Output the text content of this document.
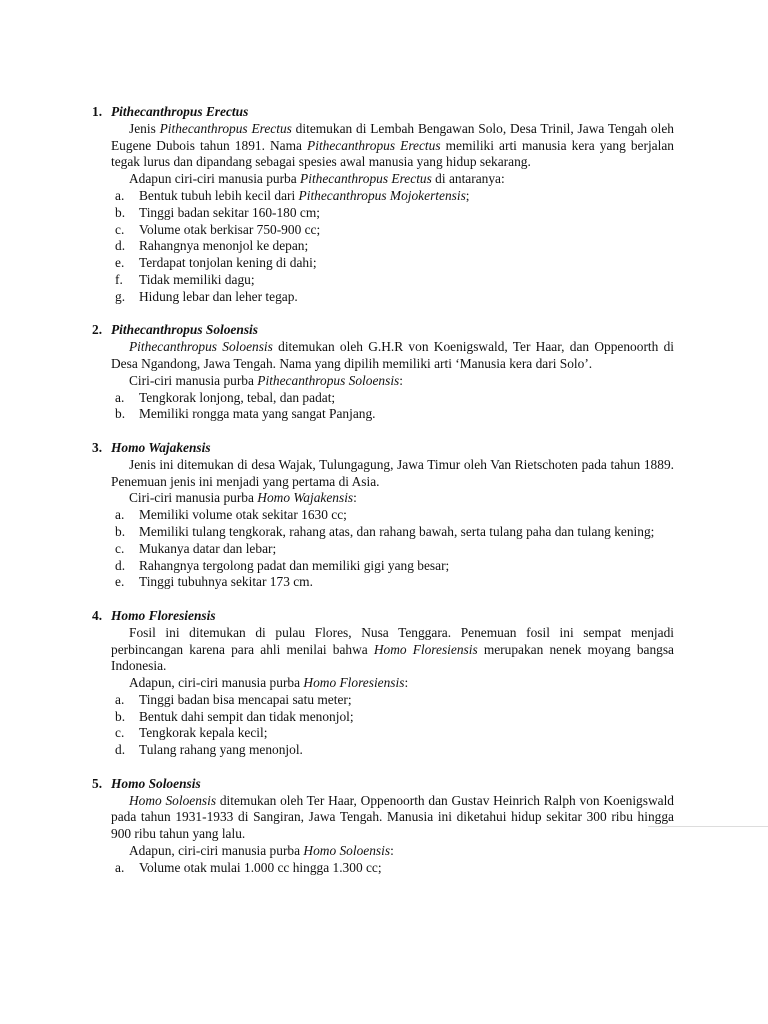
1. Pithecanthropus Erectus

Jenis Pithecanthropus Erectus ditemukan di Lembah Bengawan Solo, Desa Trinil, Jawa Tengah oleh Eugene Dubois tahun 1891. Nama Pithecanthropus Erectus memiliki arti manusia kera yang berjalan tegak lurus dan dipandang sebagai spesies awal manusia yang hidup sekarang.

Adapun ciri-ciri manusia purba Pithecanthropus Erectus di antaranya:

a.	Bentuk tubuh lebih kecil dari Pithecanthropus Mojokertensis;
b.	Tinggi badan sekitar 160-180 cm;
c.	Volume otak berkisar 750-900 cc;
d.	Rahangnya menonjol ke depan;
e.	Terdapat tonjolan kening di dahi;
f.	Tidak memiliki dagu;
g.	Hidung lebar dan leher tegap.
2. Pithecanthropus Soloensis

Pithecanthropus Soloensis ditemukan oleh G.H.R von Koenigswald, Ter Haar, dan Oppenoorth di Desa Ngandong, Jawa Tengah. Nama yang dipilih memiliki arti ‘Manusia kera dari Solo’.

Ciri-ciri manusia purba Pithecanthropus Soloensis:

a.	Tengkorak lonjong, tebal, dan padat;
b.	Memiliki rongga mata yang sangat Panjang.
3. Homo Wajakensis

Jenis ini ditemukan di desa Wajak, Tulungagung, Jawa Timur oleh Van Rietschoten pada tahun 1889. Penemuan jenis ini menjadi yang pertama di Asia.

Ciri-ciri manusia purba Homo Wajakensis:

a.	Memiliki volume otak sekitar 1630 cc;
b.	Memiliki tulang tengkorak, rahang atas, dan rahang bawah, serta tulang paha dan tulang kening;
c.	Mukanya datar dan lebar;
d.	Rahangnya tergolong padat dan memiliki gigi yang besar;
e.	Tinggi tubuhnya sekitar 173 cm.
4. Homo Floresiensis

Fosil ini ditemukan di pulau Flores, Nusa Tenggara. Penemuan fosil ini sempat menjadi perbincangan karena para ahli menilai bahwa Homo Floresiensis merupakan nenek moyang bangsa Indonesia.

Adapun, ciri-ciri manusia purba Homo Floresiensis:

a.	Tinggi badan bisa mencapai satu meter;
b.	Bentuk dahi sempit dan tidak menonjol;
c.	Tengkorak kepala kecil;
d.	Tulang rahang yang menonjol.
5. Homo Soloensis

Homo Soloensis ditemukan oleh Ter Haar, Oppenoorth dan Gustav Heinrich Ralph von Koenigswald pada tahun 1931-1933 di Sangiran, Jawa Tengah. Manusia ini diketahui hidup sekitar 300 ribu hingga 900 ribu tahun yang lalu.

Adapun, ciri-ciri manusia purba Homo Soloensis:

a.	Volume otak mulai 1.000 cc hingga 1.300 cc;
